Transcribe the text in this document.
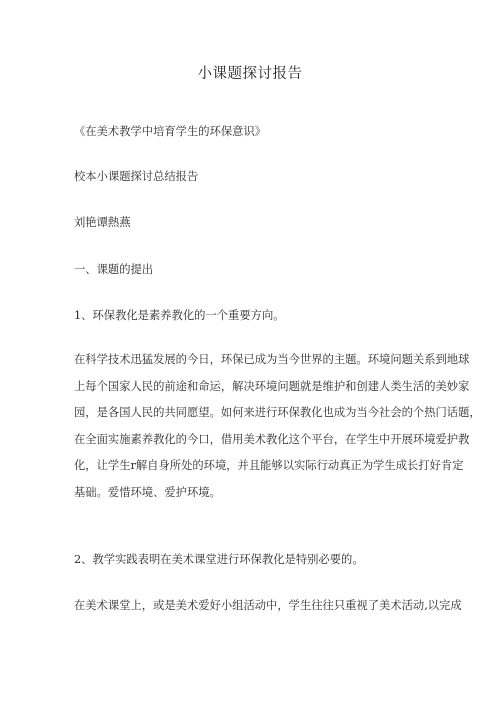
小课题探讨报告
《在美术教学中培育学生的环保意识》
校本小课题探讨总结报告
刘艳谭熱燕
一、课题的提出
1、环保教化是素养教化的一个重要方向。
在科学技术迅猛发展的今日，环保已成为当今世界的主题。环境问题关系到地球
上每个国家人民的前途和命运，解决环境问题就是维护和创建人类生活的美妙家
园，是各国人民的共同愿望。如何来进行环保教化也成为当今社会的个热门话题，
在全面实施素养教化的今口，借用美术教化这个平台，在学生中开展环境爱护教
化，让学生r解自身所处的环境，并且能够以实际行动真正为学生成长打好肯定
基础。爱惜环境、爱护环境。
2、教学实践表明在美术课堂进行环保教化是特别必要的。
在美术课堂上，或是美术爱好小组活动中，学生往往只重视了美术活动,以完成
